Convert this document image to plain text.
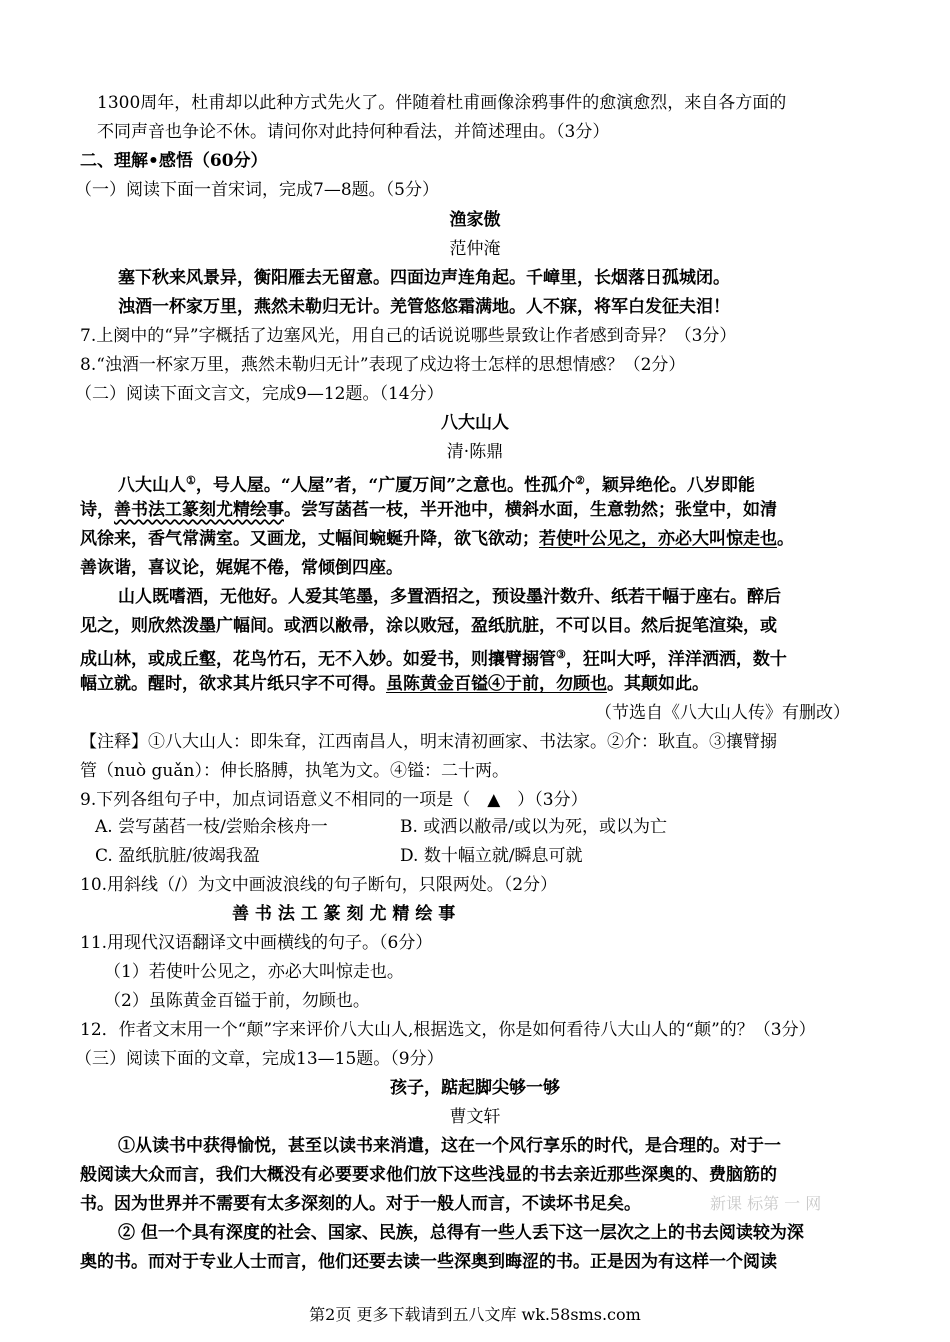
1300周年，杜甫却以此种方式先火了。伴随着杜甫画像涂鸦事件的愈演愈烈，来自各方面的
不同声音也争论不休。请问你对此持何种看法，并简述理由。（3分）
二、理解•感悟（60分）
（一）阅读下面一首宋词，完成7—8题。（5分）
渔家傲
范仲淹
塞下秋来风景异，衡阳雁去无留意。四面边声连角起。千嶂里，长烟落日孤城闭。
浊酒一杯家万里，燕然未勒归无计。羌管悠悠霜满地。人不寐，将军白发征夫泪！
7.上阕中的“异”字概括了边塞风光，用自己的话说说哪些景致让作者感到奇异？（3分）
8.“浊酒一杯家万里，燕然未勒归无计”表现了戍边将士怎样的思想情感？（2分）
（二）阅读下面文言文，完成9—12题。（14分）
八大山人
清·陈鼎
八大山人①，号人屋。“人屋”者，“广厦万间”之意也。性孤介②，颖异绝伦。八岁即能
诗，善书法工篆刻尤精绘事。尝写菡萏一枝，半开池中，横斜水面，生意勃然；张堂中，如清
风徐来，香气常满室。又画龙，丈幅间蜿蜒升降，欲飞欲动；若使叶公见之，亦必大叫惊走也。
善诙谐，喜议论，娓娓不倦，常倾倒四座。
山人既嗜酒，无他好。人爱其笔墨，多置酒招之，预设墨汁数升、纸若干幅于座右。醉后
见之，则欣然泼墨广幅间。或洒以敝帚，涂以败冠，盈纸肮脏，不可以目。然后捉笔渲染，或
成山林，或成丘壑，花鸟竹石，无不入妙。如爱书，则攘臂搦管③，狂叫大呼，洋洋洒洒，数十
幅立就。醒时，欲求其片纸只字不可得。虽陈黄金百镒④于前，勿顾也。其颠如此。
（节选自《八大山人传》有删改）
【注释】①八大山人：即朱耷，江西南昌人，明末清初画家、书法家。②介：耿直。③攘臂搦
管（nuò guǎn）：伸长胳膊，执笔为文。④镒：二十两。
9.下列各组句子中，加点词语意义不相同的一项是（　▲　）（3分）
A. 尝写菡萏一枝/尝贻余核舟一	B. 或洒以敝帚/或以为死，或以为亡
C. 盈纸肮脏/彼竭我盈	D. 数十幅立就/瞬息可就
10.用斜线（/）为文中画波浪线的句子断句，只限两处。（2分）
善 书 法 工 篆 刻 尤 精 绘 事
11.用现代汉语翻译文中画横线的句子。（6分）
（1）若使叶公见之，亦必大叫惊走也。
（2）虽陈黄金百镒于前，勿顾也。
12．作者文末用一个“颠”字来评价八大山人,根据选文，你是如何看待八大山人的“颠”的？（3分）
（三）阅读下面的文章，完成13—15题。（9分）
孩子，踮起脚尖够一够
曹文轩
①从读书中获得愉悦，甚至以读书来消遣，这在一个风行享乐的时代，是合理的。对于一
般阅读大众而言，我们大概没有必要要求他们放下这些浅显的书去亲近那些深奥的、费脑筋的
书。因为世界并不需要有太多深刻的人。对于一般人而言，不读坏书足矣。	新课 标第 一 网
② 但一个具有深度的社会、国家、民族，总得有一些人丢下这一层次之上的书去阅读较为深
奥的书。而对于专业人士而言，他们还要去读一些深奥到晦涩的书。正是因为有这样一个阅读
第2页 更多下载请到五八文库 wk.58sms.com
